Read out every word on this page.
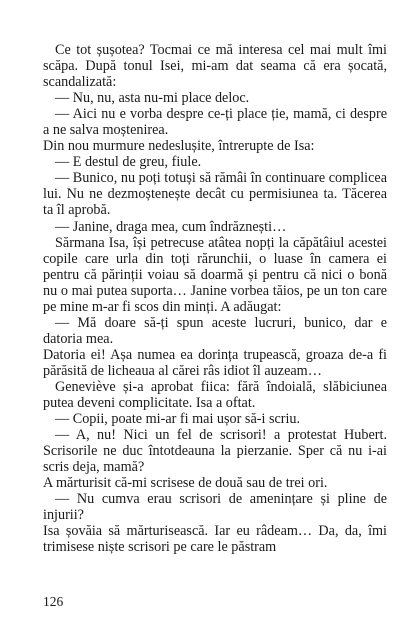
Ce tot șușotea? Tocmai ce mă interesa cel mai mult îmi scăpa. După tonul Isei, mi-am dat seama că era șocată, scandalizată:

— Nu, nu, asta nu-mi place deloc.

— Aici nu e vorba despre ce-ți place ție, mamă, ci despre a ne salva moștenirea.

Din nou murmure nedeslușite, întrerupte de Isa:

— E destul de greu, fiule.

— Bunico, nu poți totuși să rămâi în continuare complicea lui. Nu ne dezmoștenește decât cu permisiunea ta. Tăcerea ta îl aprobă.

— Janine, draga mea, cum îndrăznești…

Sărmana Isa, își petrecuse atâtea nopți la căpătâiul acestei copile care urla din toți rărunchii, o luase în camera ei pentru că părinții voiau să doarmă și pentru că nici o bonă nu o mai putea suporta… Janine vorbea tăios, pe un ton care pe mine m-ar fi scos din minți. A adăugat:

— Mă doare să-ți spun aceste lucruri, bunico, dar e datoria mea.

Datoria ei! Așa numea ea dorința trupească, groaza de-a fi părăsită de licheaua al cărei râs idiot îl auzeam…

Geneviève și-a aprobat fiica: fără îndoială, slăbiciunea putea deveni complicitate. Isa a oftat.

— Copii, poate mi-ar fi mai ușor să-i scriu.

— A, nu! Nici un fel de scrisori! a protestat Hubert. Scrisorile ne duc întotdeauna la pierzanie. Sper că nu i-ai scris deja, mamă?

A mărturisit că-mi scrisese de două sau de trei ori.

— Nu cumva erau scrisori de amenințare și pline de injurii?

Isa șovăia să mărturisească. Iar eu râdeam… Da, da, îmi trimisese niște scrisori pe care le păstram

126
